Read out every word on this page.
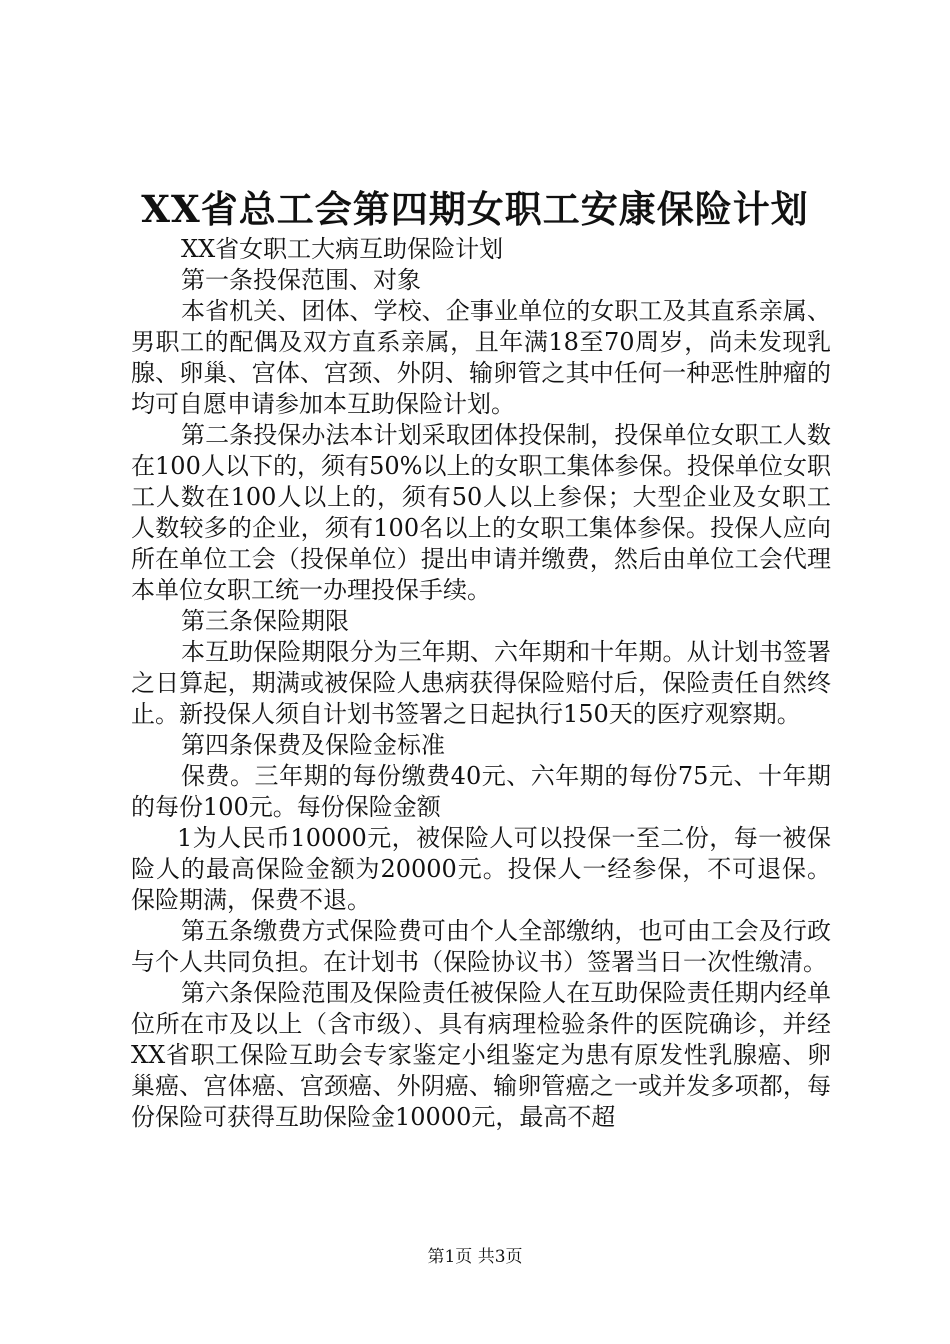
XX省总工会第四期女职工安康保险计划

XX省女职工大病互助保险计划

第一条投保范围、对象

本省机关、团体、学校、企事业单位的女职工及其直系亲属、男职工的配偶及双方直系亲属，且年满18至70周岁，尚未发现乳腺、卵巢、宫体、宫颈、外阴、输卵管之其中任何一种恶性肿瘤的均可自愿申请参加本互助保险计划。

第二条投保办法本计划采取团体投保制，投保单位女职工人数在100人以下的，须有50%以上的女职工集体参保。投保单位女职工人数在100人以上的，须有50人以上参保；大型企业及女职工人数较多的企业，须有100名以上的女职工集体参保。投保人应向所在单位工会（投保单位）提出申请并缴费，然后由单位工会代理本单位女职工统一办理投保手续。

第三条保险期限

本互助保险期限分为三年期、六年期和十年期。从计划书签署之日算起，期满或被保险人患病获得保险赔付后，保险责任自然终止。新投保人须自计划书签署之日起执行150天的医疗观察期。

第四条保费及保险金标准

保费。三年期的每份缴费40元、六年期的每份75元、十年期的每份100元。每份保险金额

1为人民币10000元，被保险人可以投保一至二份，每一被保险人的最高保险金额为20000元。投保人一经参保，不可退保。保险期满，保费不退。

第五条缴费方式保险费可由个人全部缴纳，也可由工会及行政与个人共同负担。在计划书（保险协议书）签署当日一次性缴清。

第六条保险范围及保险责任被保险人在互助保险责任期内经单位所在市及以上（含市级）、具有病理检验条件的医院确诊，并经XX省职工保险互助会专家鉴定小组鉴定为患有原发性乳腺癌、卵巢癌、宫体癌、宫颈癌、外阴癌、输卵管癌之一或并发多项都，每份保险可获得互助保险金10000元，最高不超

第1页 共3页
